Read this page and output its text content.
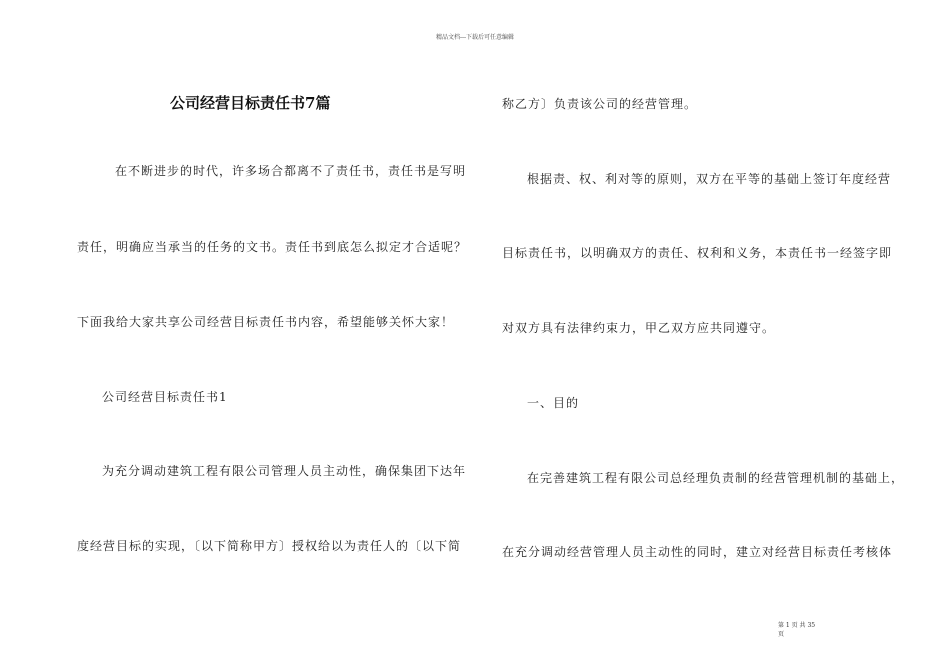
精品文档---下载后可任意编辑
公司经营目标责任书7篇
在不断进步的时代，许多场合都离不了责任书，责任书是写明
责任，明确应当承当的任务的文书。责任书到底怎么拟定才合适呢？
下面我给大家共享公司经营目标责任书内容，希望能够关怀大家！
公司经营目标责任书1
为充分调动建筑工程有限公司管理人员主动性，确保集团下达年
度经营目标的实现，〔以下简称甲方〕授权给以为责任人的〔以下简
称乙方〕负责该公司的经营管理。
根据责、权、利对等的原则，双方在平等的基础上签订年度经营
目标责任书，以明确双方的责任、权利和义务，本责任书一经签字即
对双方具有法律约束力，甲乙双方应共同遵守。
一、目的
在完善建筑工程有限公司总经理负责制的经营管理机制的基础上，
在充分调动经营管理人员主动性的同时，建立对经营目标责任考核体
第 1 页 共 35
页
